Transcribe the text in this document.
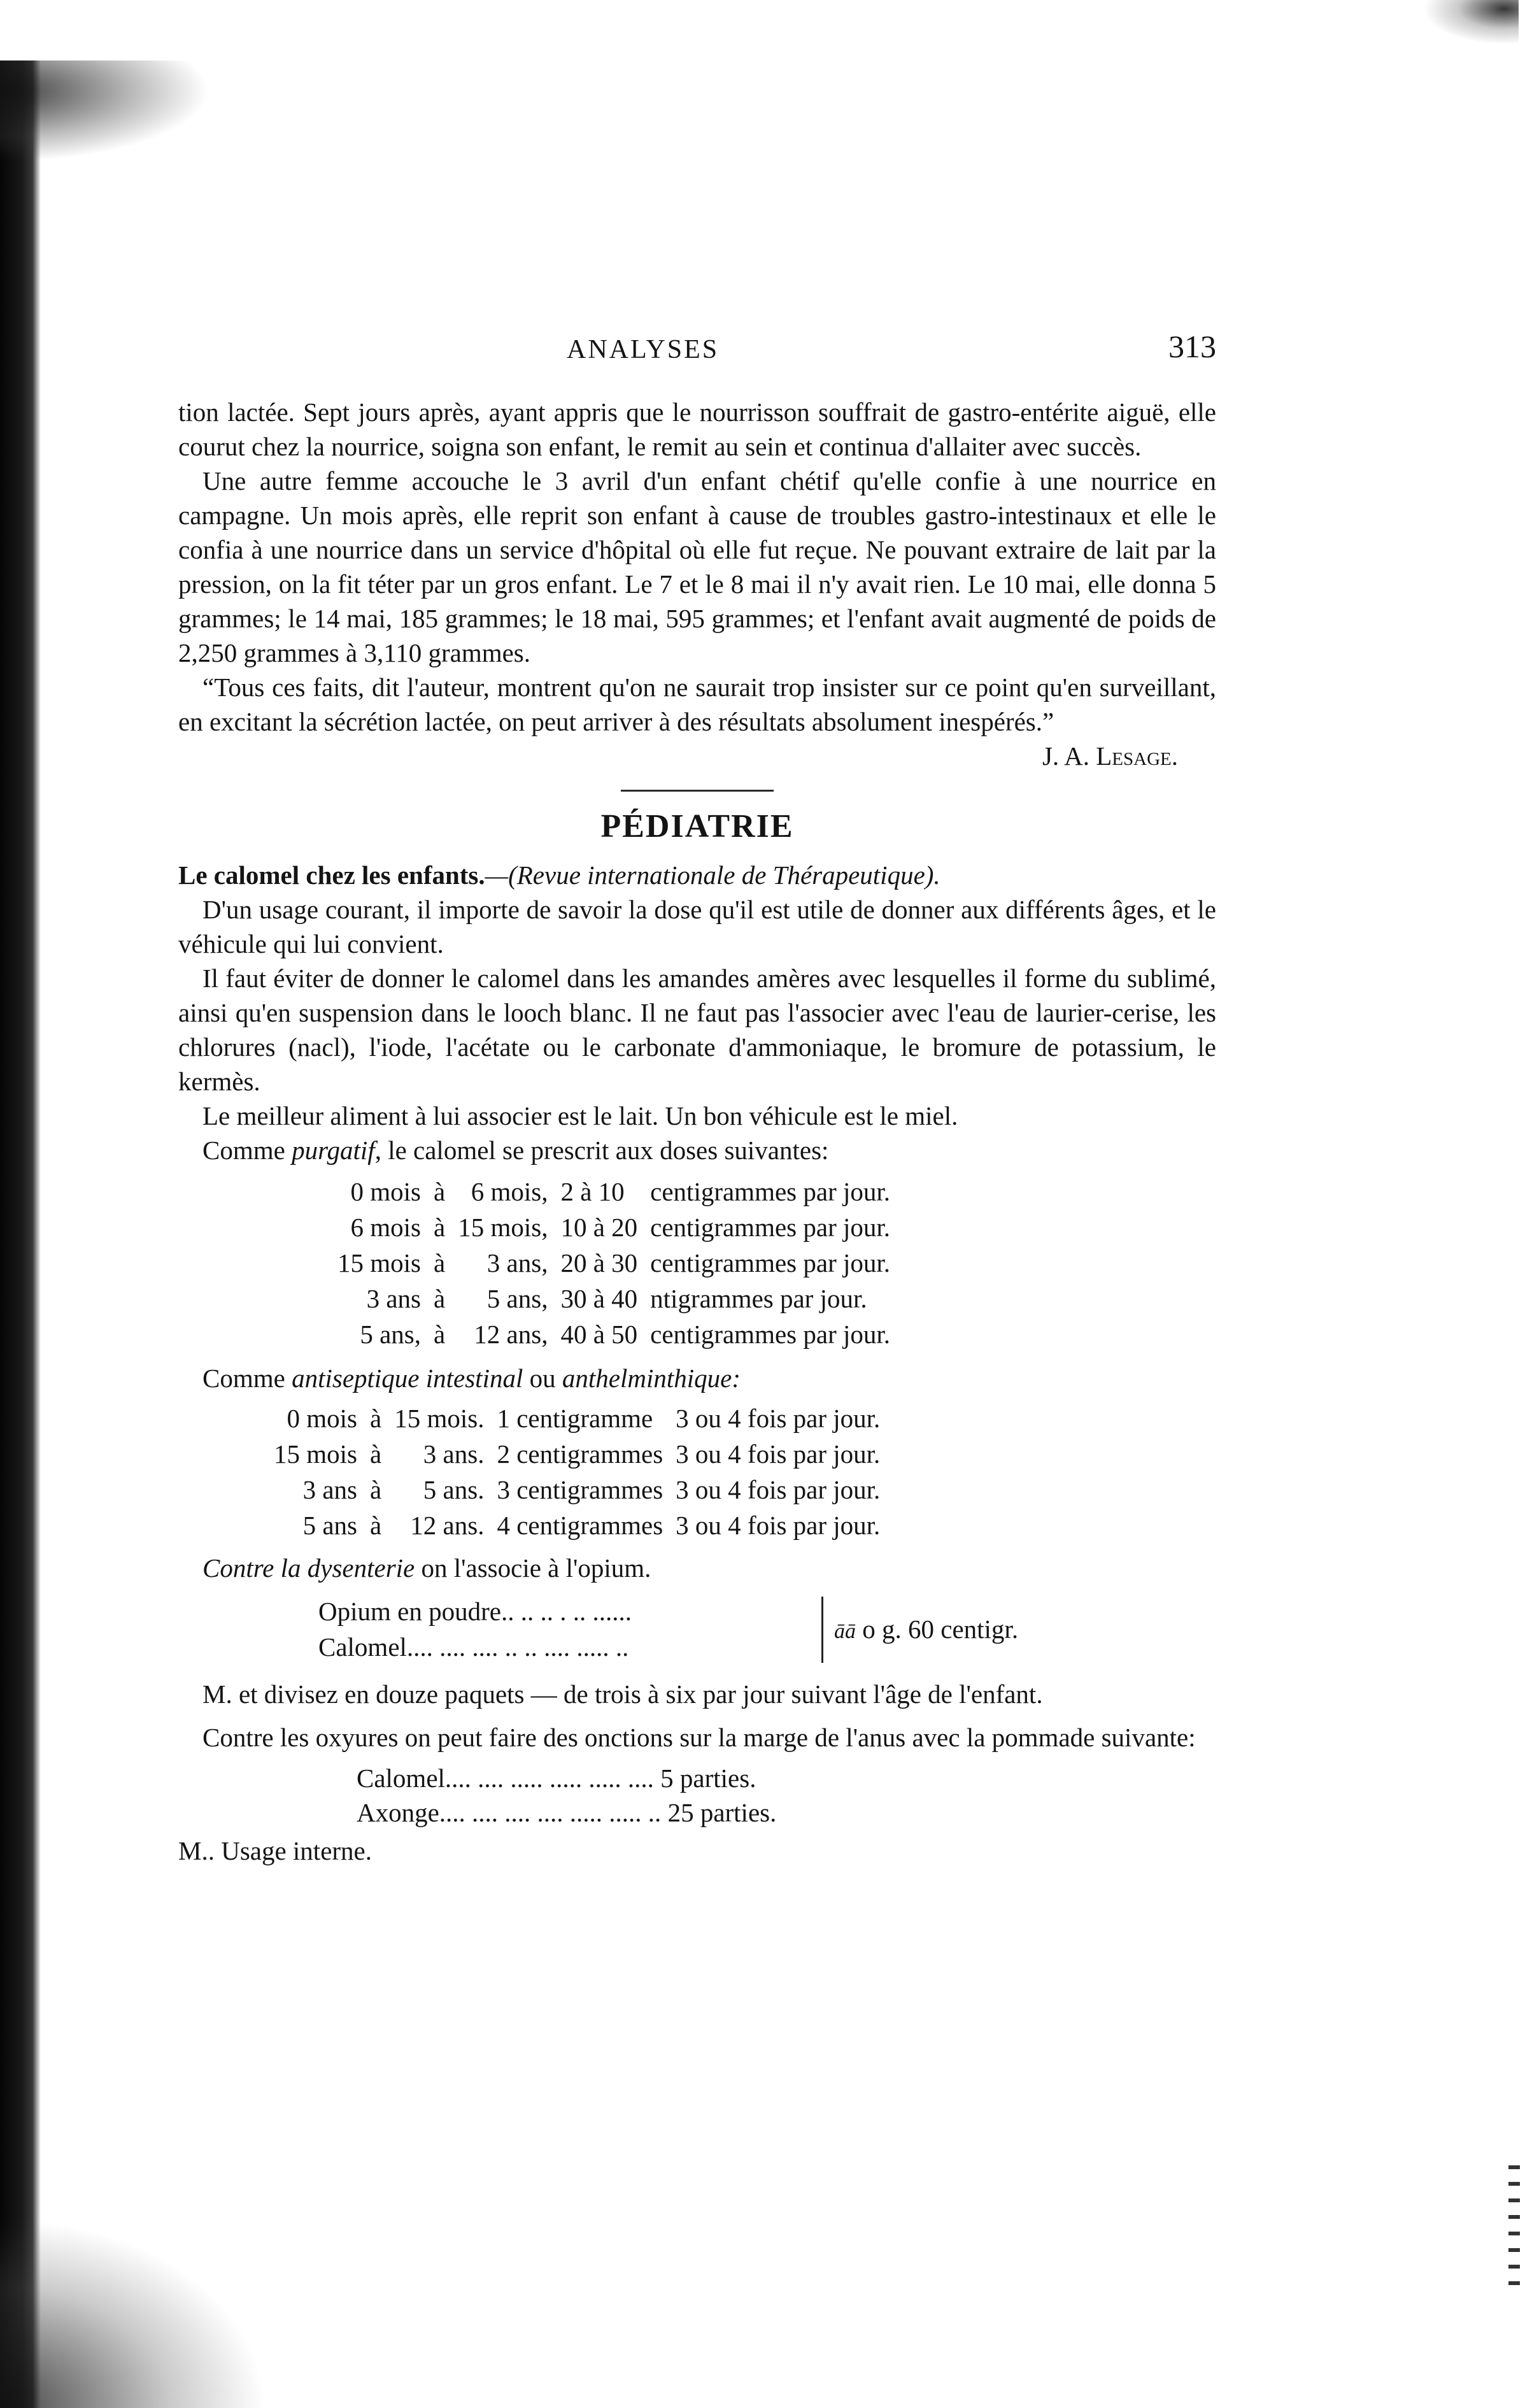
ANALYSES	313

tion lactée. Sept jours après, ayant appris que le nourrisson souffrait de gastro-entérite aiguë, elle courut chez la nourrice, soigna son enfant, le remit au sein et continua d'allaiter avec succès.

Une autre femme accouche le 3 avril d'un enfant chétif qu'elle confie à une nourrice en campagne. Un mois après, elle reprit son enfant à cause de troubles gastro-intestinaux et elle le confia à une nourrice dans un service d'hôpital où elle fut reçue. Ne pouvant extraire de lait par la pression, on la fit téter par un gros enfant. Le 7 et le 8 mai il n'y avait rien. Le 10 mai, elle donna 5 grammes; le 14 mai, 185 grammes; le 18 mai, 595 grammes; et l'enfant avait augmenté de poids de 2,250 grammes à 3,110 grammes.

“Tous ces faits, dit l'auteur, montrent qu'on ne saurait trop insister sur ce point qu'en surveillant, en excitant la sécrétion lactée, on peut arriver à des résultats absolument inespérés.”

J. A. Lesage.

PÉDIATRIE

Le calomel chez les enfants.—(Revue internationale de Thérapeutique).

D'un usage courant, il importe de savoir la dose qu'il est utile de donner aux différents âges, et le véhicule qui lui convient.

Il faut éviter de donner le calomel dans les amandes amères avec lesquelles il forme du sublimé, ainsi qu'en suspension dans le looch blanc. Il ne faut pas l'associer avec l'eau de laurier-cerise, les chlorures (nacl), l'iode, l'acétate ou le carbonate d'ammoniaque, le bromure de potassium, le kermès.

Le meilleur aliment à lui associer est le lait. Un bon véhicule est le miel.

Comme purgatif, le calomel se prescrit aux doses suivantes:

0 mois	à	6 mois,	2 à 10	centigrammes par jour.
6 mois	à	15 mois,	10 à 20	centigrammes par jour.
15 mois	à	3 ans,	20 à 30	centigrammes par jour.
3 ans	à	5 ans,	30 à 40	ntigrammes par jour.
5 ans,	à	12 ans,	40 à 50	centigrammes par jour.

Comme antiseptique intestinal ou anthelminthique:

0 mois	à	15 mois.	1 centigramme	3 ou 4 fois par jour.
15 mois	à	3 ans.	2 centigrammes	3 ou 4 fois par jour.
3 ans	à	5 ans.	3 centigrammes	3 ou 4 fois par jour.
5 ans	à	12 ans.	4 centigrammes	3 ou 4 fois par jour.

Contre la dysenterie on l'associe à l'opium.

Opium en poudre.. .. .. . .. ......
Calomel.... .... .... .. .. .... ..... ..
āā o g. 60 centigr.

M. et divisez en douze paquets — de trois à six par jour suivant l'âge de l'enfant.

Contre les oxyures on peut faire des onctions sur la marge de l'anus avec la pommade suivante:

Calomel.... .... ..... ..... ..... .... 5 parties.
Axonge.... .... .... .... ..... ..... .. 25 parties.

M.. Usage interne.
